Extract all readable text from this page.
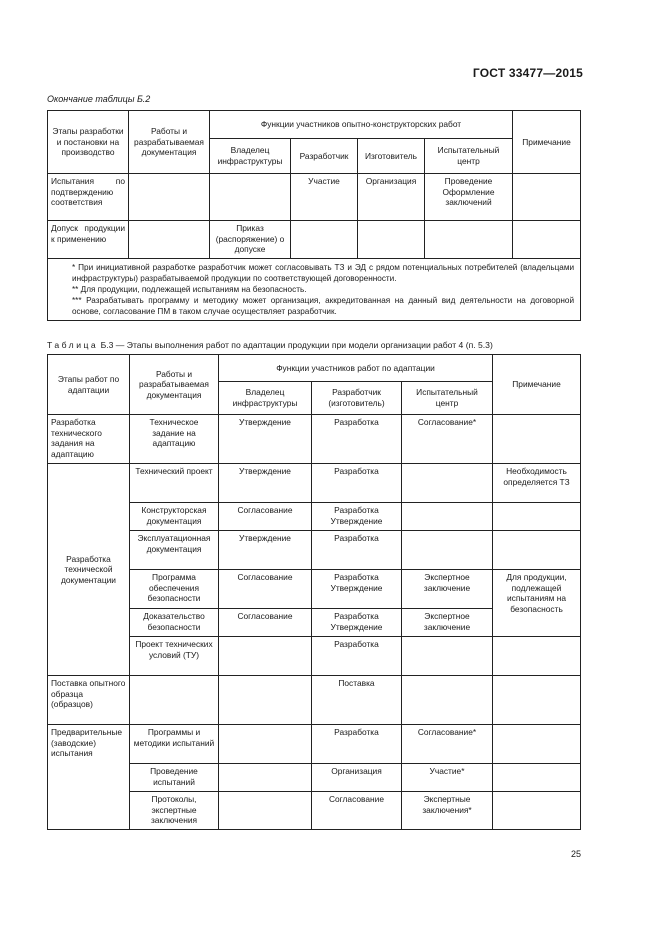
ГОСТ 33477—2015
Окончание таблицы Б.2
Этапы разработки и постановки на производство	Работы и разрабатываемая документация	Функции участников опытно-конструкторских работ				Примечание
		Владелец инфраструктуры	Разработчик	Изготовитель	Испытательный центр	
Испытания по подтверждению соответствия			Участие	Организация	Проведение Оформление заключений	
Допуск продукции к применению		Приказ (распоряжение) о допуске				

* При инициативной разработке разработчик может согласовывать ТЗ и ЭД с рядом потенциальных потребителей (владельцами инфраструктуры) разрабатываемой продукции по соответствующей договоренности.
** Для продукции, подлежащей испытаниям на безопасность.
*** Разрабатывать программу и методику может организация, аккредитованная на данный вид деятельности на договорной основе, согласование ПМ в таком случае осуществляет разработчик.						
Таблица Б.3 — Этапы выполнения работ по адаптации продукции при модели организации работ 4 (п. 5.3)
Этапы работ по адаптации	Работы и разрабатываемая документация	Функции участников работ по адаптации			Примечание
		Владелец инфраструктуры	Разработчик (изготовитель)	Испытательный центр	
Разработка технического задания на адаптацию	Техническое задание на адаптацию	Утверждение	Разработка	Согласование*	
Разработка технической документации	Технический проект	Утверждение	Разработка		Необходимость определяется ТЗ
	Конструкторская документация	Согласование	Разработка Утверждение		
	Эксплуатационная документация	Утверждение	Разработка		
	Программа обеспечения безопасности	Согласование	Разработка Утверждение	Экспертное заключение	Для продукции, подлежащей испытаниям на безопасность
	Доказательство безопасности	Согласование	Разработка Утверждение	Экспертное заключение	
	Проект технических условий (ТУ)		Разработка		
Поставка опытного образца (образцов)			Поставка		
Предварительные (заводские) испытания	Программы и методики испытаний		Разработка	Согласование*	
	Проведение испытаний		Организация	Участие*	
	Протоколы, экспертные заключения		Согласование	Экспертные заключения*	
25
